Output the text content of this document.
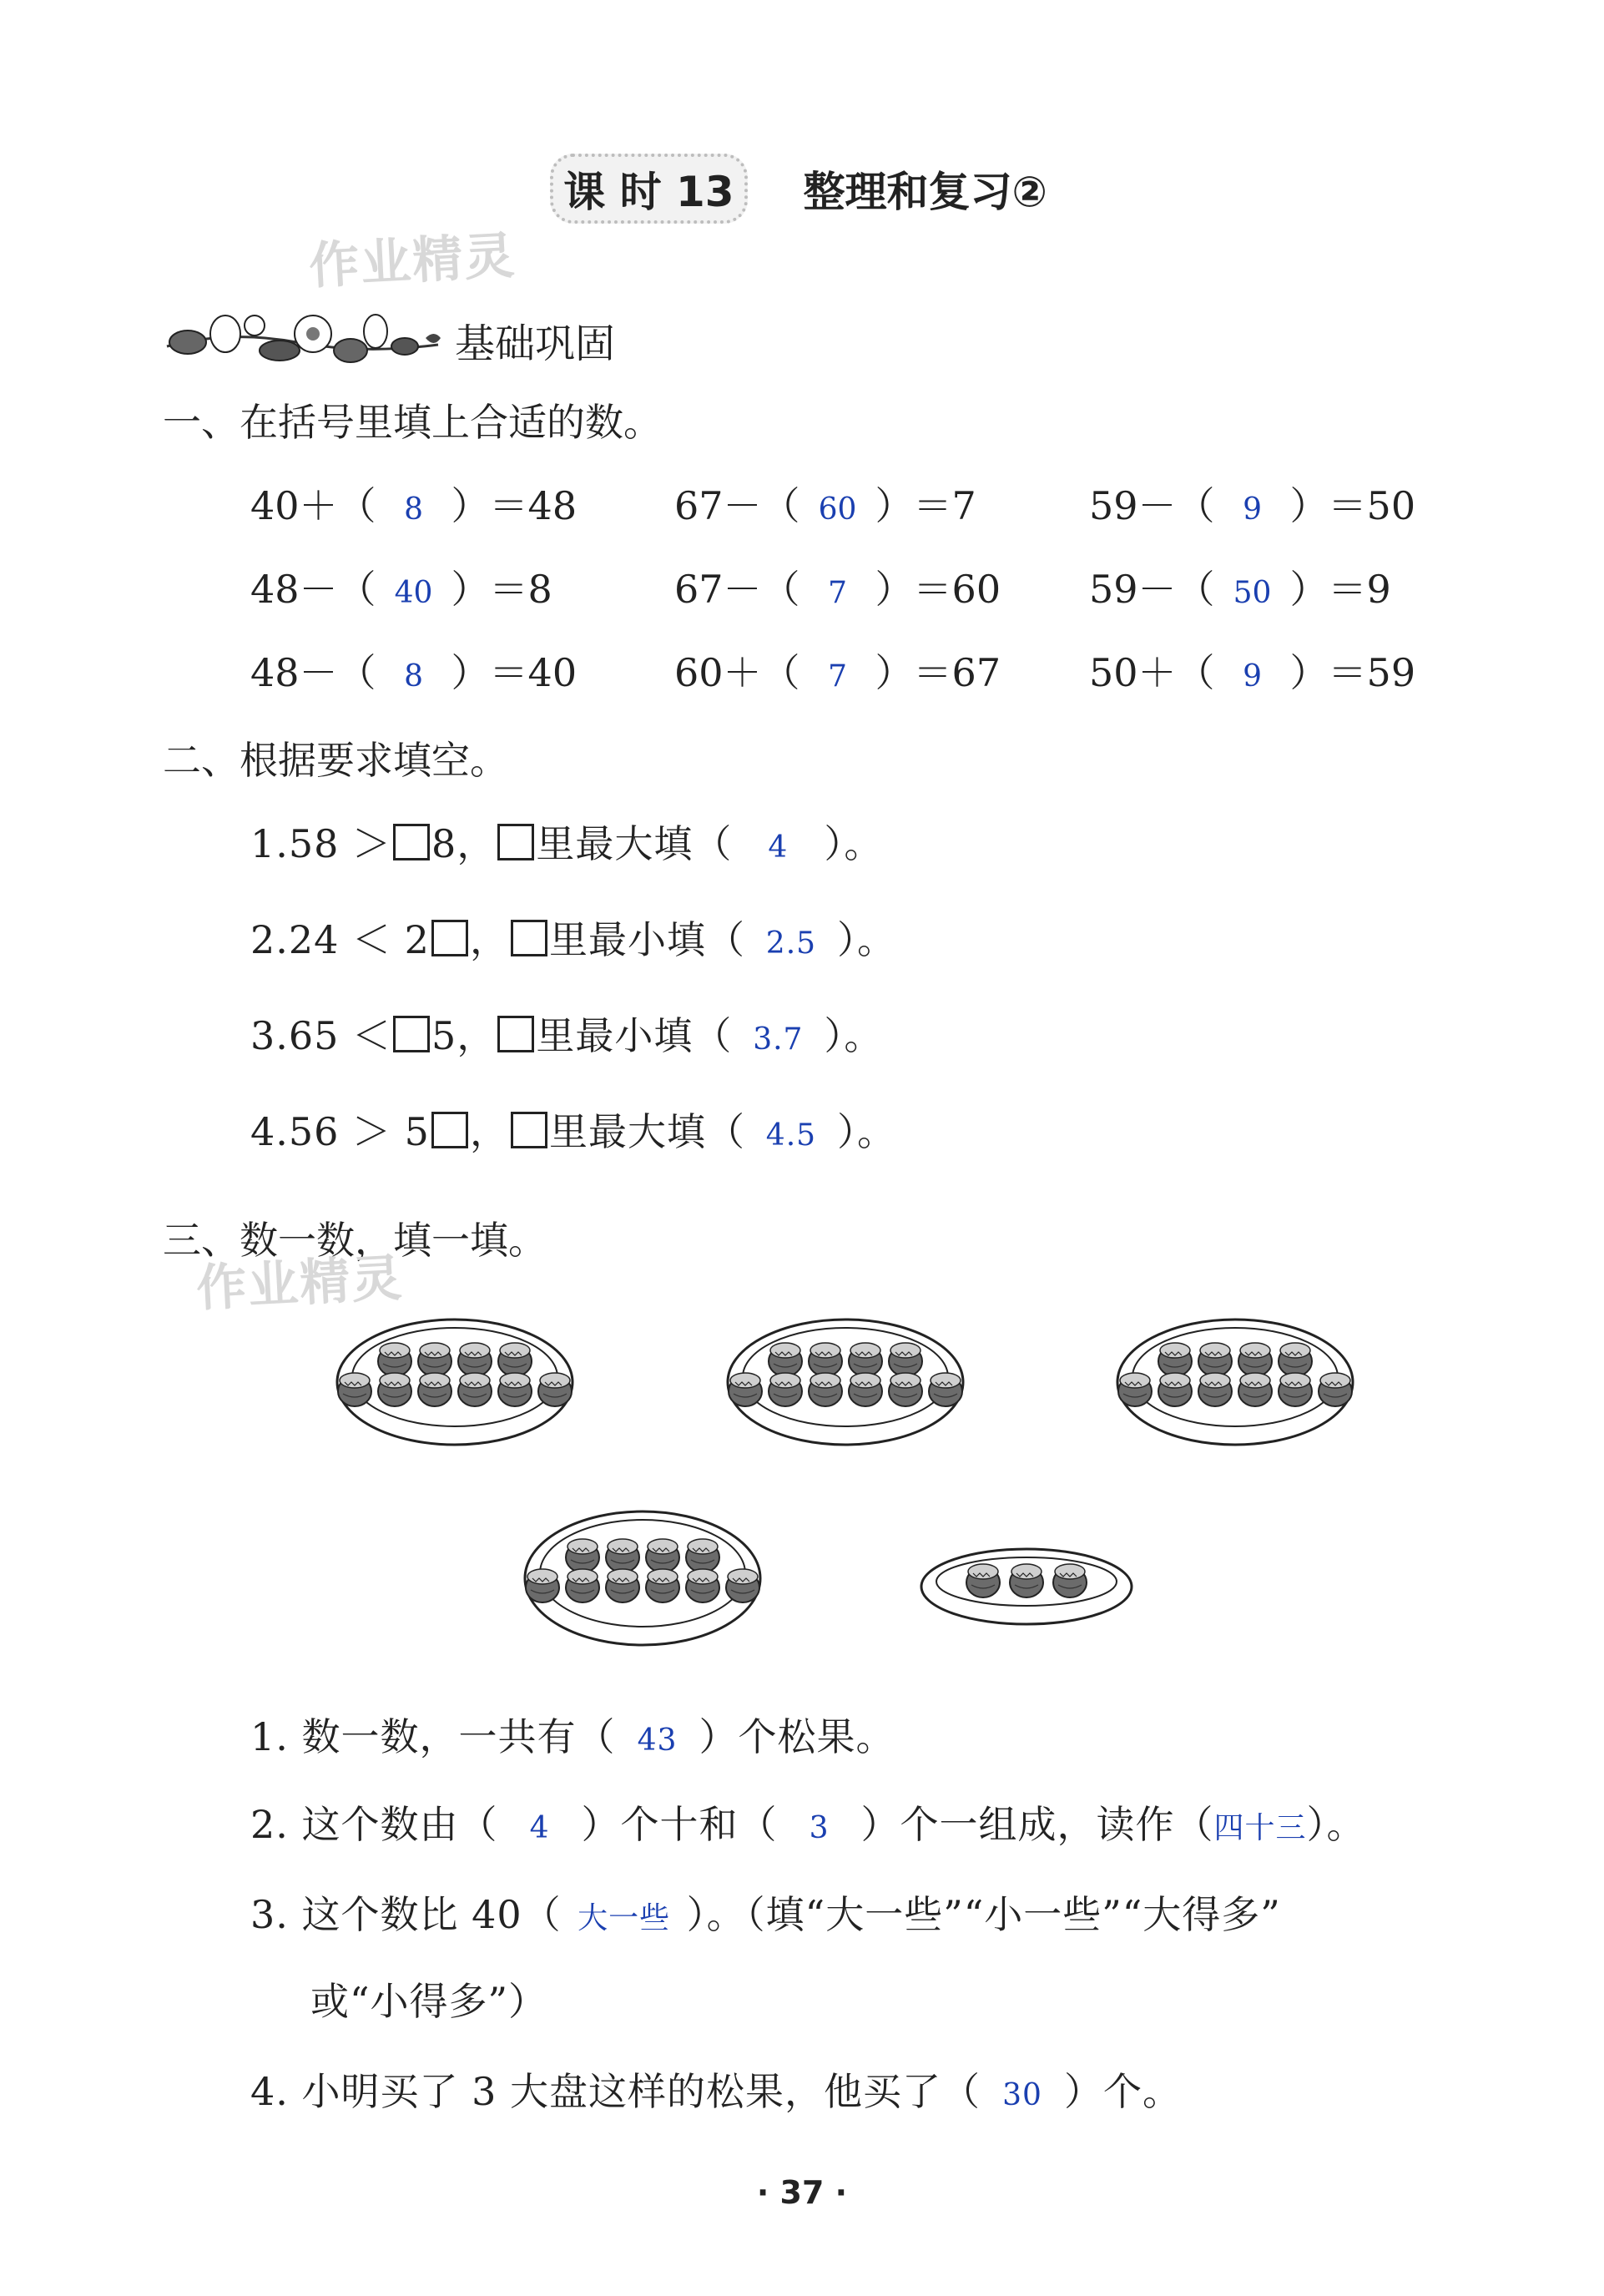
课 时 13 整理和复习②
作业精灵
基础巩固
一、在括号里填上合适的数。
40＋（ 8 ）＝48	67－（ 60 ）＝7	59－（ 9 ）＝50
48－（ 40 ）＝8	67－（ 7 ）＝60 59－（ 50 ）＝9
48－（ 8 ）＝40	60＋（ 7 ）＝67 50＋（ 9 ）＝59
二、根据要求填空。
1.58 ＞ 8， 里最大填（ 4 ）。
2.24 ＜ 2 ， 里最小填（ 2.5 ）。
3.65 ＜ 5， 里最小填（ 3.7 ）。
4.56 ＞ 5 ， 里最大填（ 4.5 ）。
三、数一数，填一填。
作业精灵
1. 数一数，一共有（ 43 ）个松果。
2. 这个数由（ 4 ）个十和（ 3 ）个一组成，读作（四十三）。
3. 这个数比 40（ 大一些 ）。（填“大一些”“小一些”“大得多”
或“小得多”）
4. 小明买了 3 大盘这样的松果，他买了（ 30 ）个。
· 37 ·
